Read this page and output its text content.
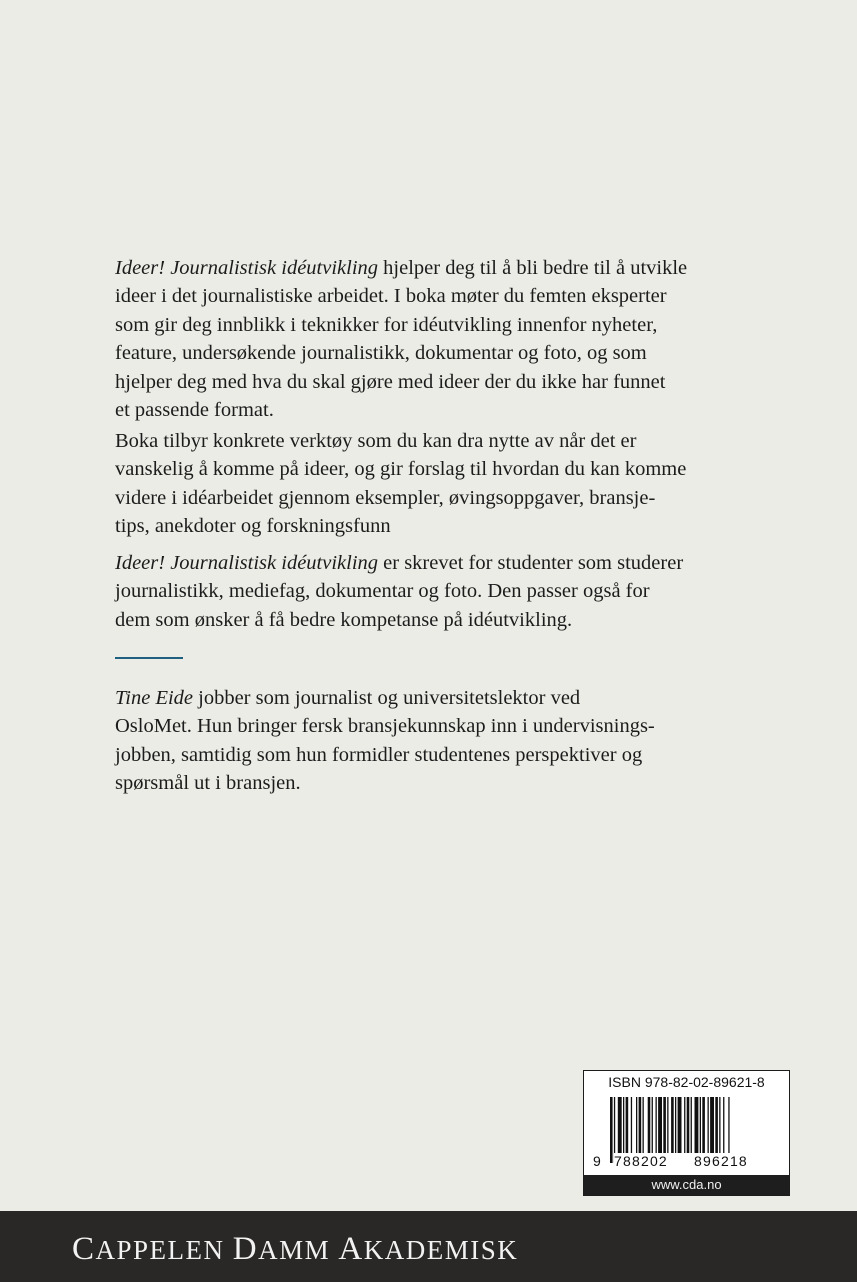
Ideer! Journalistisk idéutvikling hjelper deg til å bli bedre til å utvikle
ideer i det journalistiske arbeidet. I boka møter du femten eksperter
som gir deg innblikk i teknikker for idéutvikling innenfor nyheter,
feature, undersøkende journalistikk, dokumentar og foto, og som
hjelper deg med hva du skal gjøre med ideer der du ikke har funnet
et passende format.
Boka tilbyr konkrete verktøy som du kan dra nytte av når det er
vanskelig å komme på ideer, og gir forslag til hvordan du kan komme
videre i idéarbeidet gjennom eksempler, øvingsoppgaver, bransje-
tips, anekdoter og forskningsfunn
Ideer! Journalistisk idéutvikling er skrevet for studenter som studerer
journalistikk, mediefag, dokumentar og foto. Den passer også for
dem som ønsker å få bedre kompetanse på idéutvikling.
Tine Eide jobber som journalist og universitetslektor ved
OsloMet. Hun bringer fersk bransjekunnskap inn i undervisnings-
jobben, samtidig som hun formidler studentenes perspektiver og
spørsmål ut i bransjen.
ISBN 978-82-02-89621-8
9 788202	896218
www.cda.no
CAPPELEN DAMM AKADEMISK
